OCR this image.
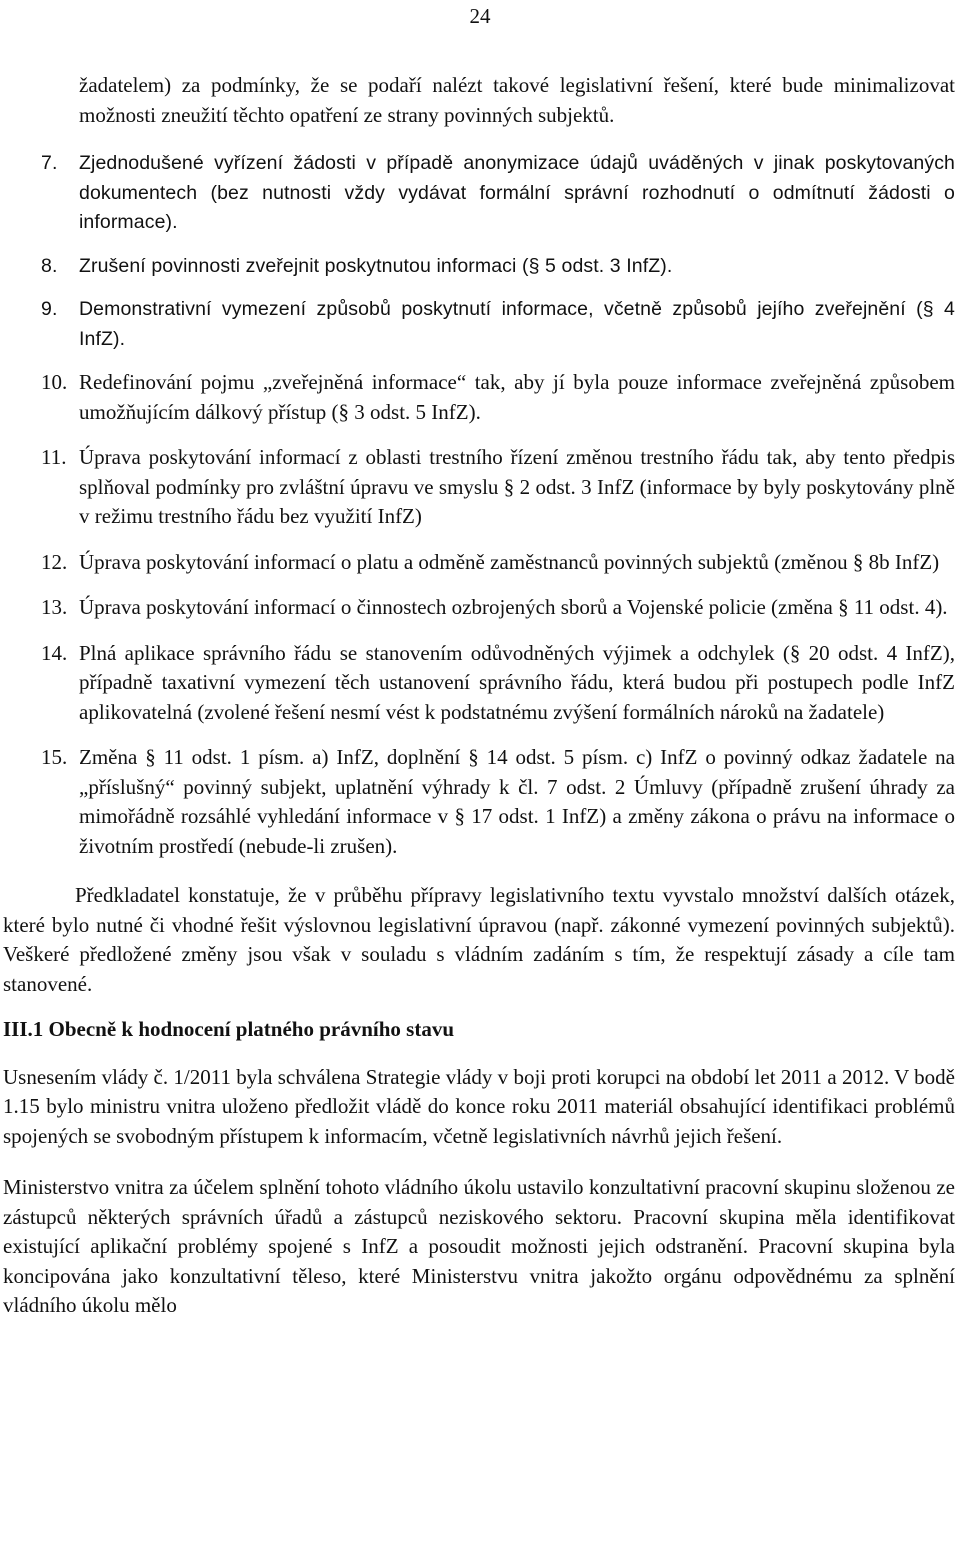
24
žadatelem) za podmínky, že se podaří nalézt takové legislativní řešení, které bude minimalizovat možnosti zneužití těchto opatření ze strany povinných subjektů.
7. Zjednodušené vyřízení žádosti v případě anonymizace údajů uváděných v jinak poskytovaných dokumentech (bez nutnosti vždy vydávat formální správní rozhodnutí o odmítnutí žádosti o informace).
8. Zrušení povinnosti zveřejnit poskytnutou informaci (§ 5 odst. 3 InfZ).
9. Demonstrativní vymezení způsobů poskytnutí informace, včetně způsobů jejího zveřejnění (§ 4 InfZ).
10. Redefinování pojmu „zveřejněná informace“ tak, aby jí byla pouze informace zveřejněná způsobem umožňujícím dálkový přístup (§ 3 odst. 5 InfZ).
11. Úprava poskytování informací z oblasti trestního řízení změnou trestního řádu tak, aby tento předpis splňoval podmínky pro zvláštní úpravu ve smyslu § 2 odst. 3 InfZ (informace by byly poskytovány plně v režimu trestního řádu bez využití InfZ)
12. Úprava poskytování informací o platu a odměně zaměstnanců povinných subjektů (změnou § 8b InfZ)
13. Úprava poskytování informací o činnostech ozbrojených sborů a Vojenské policie (změna § 11 odst. 4).
14. Plná aplikace správního řádu se stanovením odůvodněných výjimek a odchylek (§ 20 odst. 4 InfZ), případně taxativní vymezení těch ustanovení správního řádu, která budou při postupech podle InfZ aplikovatelná (zvolené řešení nesmí vést k podstatnému zvýšení formálních nároků na žadatele)
15. Změna § 11 odst. 1 písm. a) InfZ, doplnění § 14 odst. 5 písm. c) InfZ o povinný odkaz žadatele na „příslušný“ povinný subjekt, uplatnění výhrady k čl. 7 odst. 2 Úmluvy (případně zrušení úhrady za mimořádně rozsáhlé vyhledání informace v § 17 odst. 1 InfZ) a změny zákona o právu na informace o životním prostředí (nebude-li zrušen).

Předkladatel konstatuje, že v průběhu přípravy legislativního textu vyvstalo množství dalších otázek, které bylo nutné či vhodné řešit výslovnou legislativní úpravou (např. zákonné vymezení povinných subjektů). Veškeré předložené změny jsou však v souladu s vládním zadáním s tím, že respektují zásady a cíle tam stanovené.

III.1 Obecně k hodnocení platného právního stavu

Usnesením vlády č. 1/2011 byla schválena Strategie vlády v boji proti korupci na období let 2011 a 2012. V bodě 1.15 bylo ministru vnitra uloženo předložit vládě do konce roku 2011 materiál obsahující identifikaci problémů spojených se svobodným přístupem k informacím, včetně legislativních návrhů jejich řešení.

Ministerstvo vnitra za účelem splnění tohoto vládního úkolu ustavilo konzultativní pracovní skupinu složenou ze zástupců některých správních úřadů a zástupců neziskového sektoru. Pracovní skupina měla identifikovat existující aplikační problémy spojené s InfZ a posoudit možnosti jejich odstranění. Pracovní skupina byla koncipována jako konzultativní těleso, které Ministerstvu vnitra jakožto orgánu odpovědnému za splnění vládního úkolu mělo
